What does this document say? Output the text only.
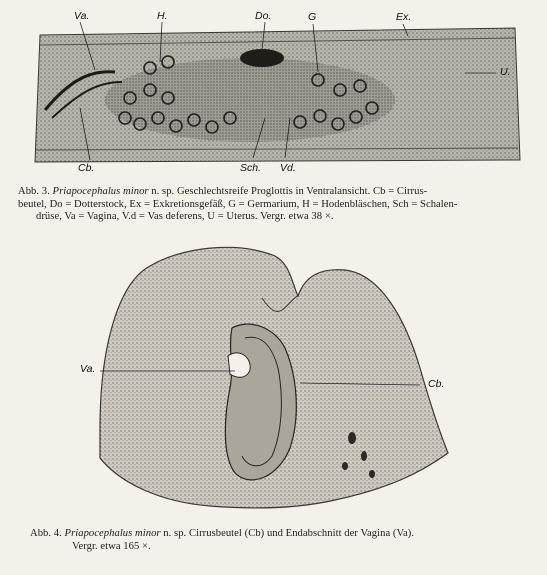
Va.	H.	Do.	G	Ex.
U.
Cb.	Sch. Vd.
Abb. 3. Priapocephalus minor n. sp. Geschlechtsreife Proglottis in Ventralansicht. Cb = Cirrus-
beutel, Do = Dotterstock, Ex = Exkretionsgefäß, G = Germarium, H = Hodenbläschen, Sch = Schalen-
drüse, Va = Vagina, V.d = Vas deferens, U = Uterus. Vergr. etwa 38 ×.
Va.
Cb.
Abb. 4. Priapocephalus minor n. sp. Cirrusbeutel (Cb) und Endabschnitt der Vagina (Va).
Vergr. etwa 165 ×.
